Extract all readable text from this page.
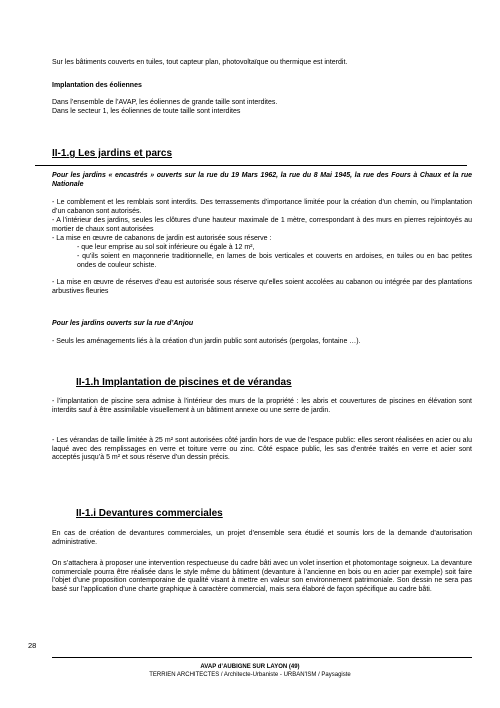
Sur les bâtiments couverts en tuiles, tout capteur plan, photovoltaïque ou thermique est interdit.

Implantation des éoliennes

Dans l’ensemble de l’AVAP, les éoliennes de grande taille sont interdites.

Dans le secteur 1, les éoliennes de toute taille sont interdites

II-1.g Les jardins et parcs

Pour les jardins « encastrés » ouverts sur la rue du 19 Mars 1962, la rue du 8 Mai 1945, la rue des Fours à Chaux et la rue Nationale

- Le comblement et les remblais sont interdits. Des terrassements d’importance limitée pour la création d’un chemin, ou l’implantation d’un cabanon sont autorisés.

- A l’intérieur des jardins, seules les clôtures d’une hauteur maximale de 1 mètre, correspondant à des murs en pierres rejointoyés au mortier de chaux sont autorisées

- La mise en œuvre de cabanons de jardin est autorisée sous réserve :

- que leur emprise au sol soit inférieure ou égale à 12 m²,

- qu’ils soient en maçonnerie traditionnelle, en lames de bois verticales et couverts en ardoises, en tuiles ou en bac petites ondes de couleur schiste.

- La mise en œuvre de réserves d’eau est autorisée sous réserve qu’elles soient accolées au cabanon ou intégrée par des plantations arbustives fleuries

Pour les jardins ouverts sur la rue d’Anjou

- Seuls les aménagements liés à la création d’un jardin public sont autorisés (pergolas, fontaine …).

II-1.h Implantation de piscines et de vérandas

- l’implantation de piscine sera admise à l’intérieur des murs de la propriété : les abris et couvertures de piscines en élévation sont interdits sauf à être assimilable visuellement à un bâtiment annexe ou une serre de jardin.

- Les vérandas de taille limitée à 25 m² sont autorisées côté jardin hors de vue de l’espace public: elles seront réalisées en acier ou alu laqué avec des remplissages en verre et toiture verre ou zinc. Côté espace public, les sas d’entrée traités en verre et acier sont acceptés jusqu’à 5 m² et sous réserve d’un dessin précis.

II-1.i Devantures commerciales

En cas de création de devantures commerciales, un projet d’ensemble sera étudié et soumis lors de la demande d’autorisation administrative.

On s’attachera à proposer une intervention respectueuse du cadre bâti avec un volet insertion et photomontage soigneux. La devanture commerciale pourra être réalisée dans le style même du bâtiment (devanture à l’ancienne en bois ou en acier par exemple) soit faire l’objet d’une proposition contemporaine de qualité visant à mettre en valeur son environnement patrimoniale. Son dessin ne sera pas basé sur l’application d’une charte graphique à caractère commercial, mais sera élaboré de façon spécifique au cadre bâti.

28
AVAP d’AUBIGNE SUR LAYON (49)
TERRIEN ARCHITECTES / Architecte-Urbaniste - URBAN'ISM / Paysagiste
